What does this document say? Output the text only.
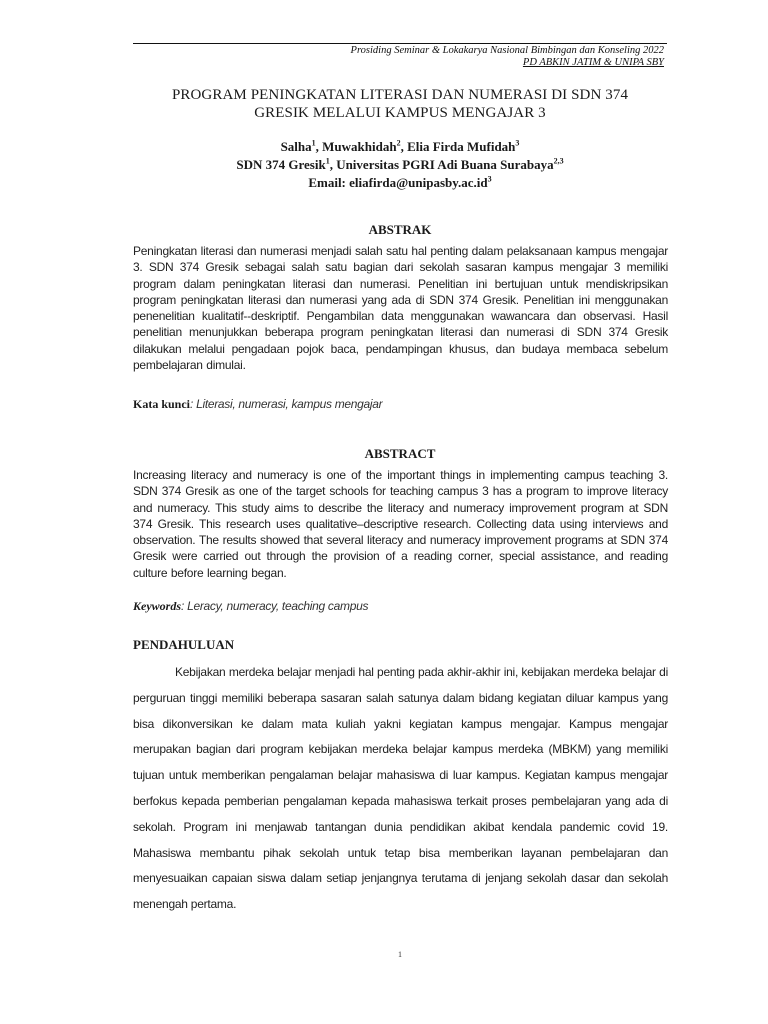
Prosiding Seminar & Lokakarya Nasional Bimbingan dan Konseling 2022
PD ABKIN JATIM & UNIPA SBY
PROGRAM PENINGKATAN LITERASI DAN NUMERASI DI SDN 374
GRESIK MELALUI KAMPUS MENGAJAR 3
Salha$^1$, Muwakhidah$^2$, Elia Firda Mufidah$^3$
SDN 374 Gresik$^1$, Universitas PGRI Adi Buana Surabaya$^{2,3}$
Email: $eliafirda@unipasby.ac.id^3$
ABSTRAK
Peningkatan literasi dan numerasi menjadi salah satu hal penting dalam pelaksanaan kampus mengajar 3. SDN 374 Gresik sebagai salah satu bagian dari sekolah sasaran kampus mengajar 3 memiliki program dalam peningkatan literasi dan numerasi. Penelitian ini bertujuan untuk mendiskripsikan program peningkatan literasi dan numerasi yang ada di SDN 374 Gresik. Penelitian ini menggunakan penenelitian kualitatif--deskriptif. Pengambilan data menggunakan wawancara dan observasi. Hasil penelitian menunjukkan beberapa program peningkatan literasi dan numerasi di SDN 374 Gresik dilakukan melalui pengadaan pojok baca, pendampingan khusus, dan budaya membaca sebelum pembelajaran dimulai.
Kata kunci: Literasi, numerasi, kampus mengajar
ABSTRACT
Increasing literacy and numeracy is one of the important things in implementing campus teaching 3. SDN 374 Gresik as one of the target schools for teaching campus 3 has a program to improve literacy and numeracy. This study aims to describe the literacy and numeracy improvement program at SDN 374 Gresik. This research uses qualitative–descriptive research. Collecting data using interviews and observation. The results showed that several literacy and numeracy improvement programs at SDN 374 Gresik were carried out through the provision of a reading corner, special assistance, and reading culture before learning began.
Keywords: Leracy, numeracy, teaching campus
PENDAHULUAN
Kebijakan merdeka belajar menjadi hal penting pada akhir-akhir ini, kebijakan merdeka belajar di perguruan tinggi memiliki beberapa sasaran salah satunya dalam bidang kegiatan diluar kampus yang bisa dikonversikan ke dalam mata kuliah yakni kegiatan kampus mengajar. Kampus mengajar merupakan bagian dari program kebijakan merdeka belajar kampus merdeka (MBKM) yang memiliki tujuan untuk memberikan pengalaman belajar mahasiswa di luar kampus. Kegiatan kampus mengajar berfokus kepada pemberian pengalaman kepada mahasiswa terkait proses pembelajaran yang ada di sekolah. Program ini menjawab tantangan dunia pendidikan akibat kendala pandemic covid 19. Mahasiswa membantu pihak sekolah untuk tetap bisa memberikan layanan pembelajaran dan menyesuaikan capaian siswa dalam setiap jenjangnya terutama di jenjang sekolah dasar dan sekolah menengah pertama.
1
